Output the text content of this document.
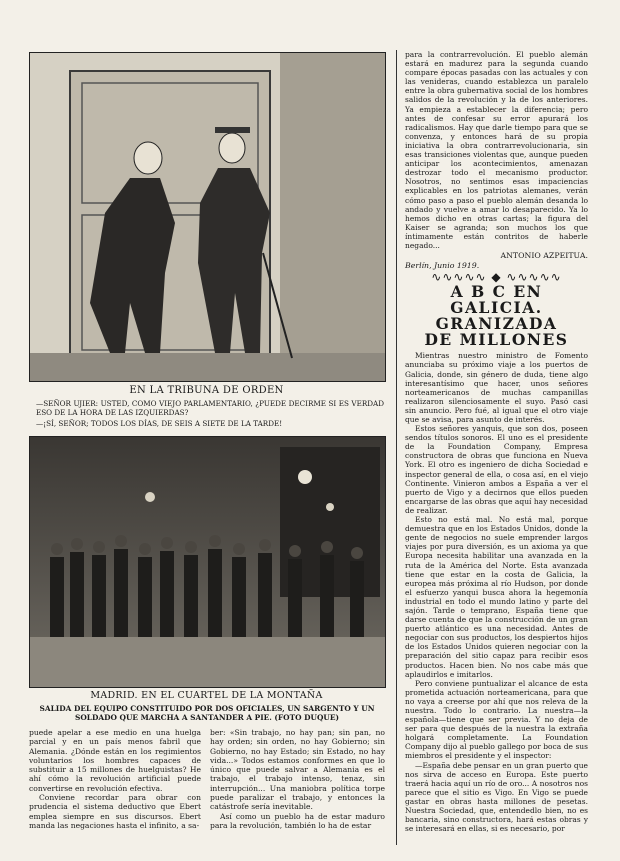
EN LA TRIBUNA DE ORDEN
—SEÑOR UJIER: USTED, COMO VIEJO PARLAMENTARIO, ¿PUEDE DECIRME SI ES VERDAD ESO DE LA HORA DE LAS IZQUIERDAS?
—¡SÍ, SEÑOR; TODOS LOS DÍAS, DE SEIS A SIETE DE LA TARDE!
MADRID. EN EL CUARTEL DE LA MONTAÑA
SALIDA DEL EQUIPO CONSTITUIDO POR DOS OFICIALES, UN SARGENTO Y UN SOLDADO QUE MARCHA A SANTANDER A PIE. (FOTO DUQUE)

puede apelar a ese medio en una huelga parcial y en un país menos fabril que Alemania. ¿Dónde están en los regimientos voluntarios los hombres capaces de substituir a 15 millones de huelguistas? He ahí cómo la revolución artificial puede convertirse en revolución efectiva.

Conviene recordar para obrar con prudencia el sistema deductivo que Ebert emplea siempre en sus discursos. Ebert manda las negaciones hasta el infinito, a sa-

ber: «Sin trabajo, no hay pan; sin pan, no hay orden; sin orden, no hay Gobierno; sin Gobierno, no hay Estado; sin Estado, no hay vida...» Todos estamos conformes en que lo único que puede salvar a Alemania es el trabajo, el trabajo intenso, tenaz, sin interrupción... Una maniobra política torpe puede paralizar el trabajo, y entonces la catástrofe sería inevitable.

Así como un pueblo ha de estar maduro para la revolución, también lo ha de estar

para la contrarrevolución. El pueblo alemán estará en madurez para la segunda cuando compare épocas pasadas con las actuales y con las venideras, cuando establezca un paralelo entre la obra gubernativa social de los hombres salidos de la revolución y la de los anteriores. Ya empieza a establecer la diferencia; pero antes de confesar su error apurará los radicalismos. Hay que darle tiempo para que se convenza, y entonces hará de su propia iniciativa la obra contrarrevolucionaria, sin esas transiciones violentas que, aunque pueden anticipar los acontecimientos, amenazan destrozar todo el mecanismo productor. Nosotros, no sentimos esas impaciencias explicables en los patriotas alemanes, verán cómo paso a paso el pueblo alemán desanda lo andado y vuelve a amar lo desaparecido. Ya lo hemos dicho en otras cartas; la figura del Kaiser se agranda; son muchos los que íntimamente están contritos de haberle negado...

ANTONIO AZPEITUA.
Berlín, Junio 1919.
∿∿∿∿∿ ◆ ∿∿∿∿∿
A B C EN GALICIA.
GRANIZADA
DE MILLONES

Mientras nuestro ministro de Fomento anunciaba su próximo viaje a los puertos de Galicia, donde, sin género de duda, tiene algo interesantísimo que hacer, unos señores norteamericanos de muchas campanillas realizaron silenciosamente el suyo. Pasó casi sin anuncio. Pero fué, al igual que el otro viaje que se avisa, para asunto de interés.

Estos señores yanquis, que son dos, poseen sendos títulos sonoros. El uno es el presidente de la Foundation Company, Empresa constructora de obras que funciona en Nueva York. El otro es ingeniero de dicha Sociedad e inspector general de ella, o cosa así, en el viejo Continente. Vinieron ambos a España a ver el puerto de Vigo y a decirnos que ellos pueden encargarse de las obras que aquí hay necesidad de realizar.

Esto no está mal. No está mal, porque demuestra que en los Estados Unidos, donde la gente de negocios no suele emprender largos viajes por pura diversión, es un axioma ya que Europa necesita habilitar una avanzada en la ruta de la América del Norte. Esta avanzada tiene que estar en la costa de Galicia, la europea más próxima al río Hudson, por donde el esfuerzo yanqui busca ahora la hegemonía industrial en todo el mundo latino y parte del sajón. Tarde o temprano, España tiene que darse cuenta de que la construcción de un gran puerto atlántico es una necesidad. Antes de negociar con sus productos, los despiertos hijos de los Estados Unidos quieren negociar con la preparación del sitio capaz para recibir esos productos. Hacen bien. No nos cabe más que aplaudirlos e imitarlos.

Pero conviene puntualizar el alcance de esta prometida actuación norteamericana, para que no vaya a creerse por ahí que nos releva de la nuestra. Todo lo contrario. La nuestra—la española—tiene que ser previa. Y no deja de ser para que después de la nuestra la extraña holgará completamente. La Foundation Company dijo al pueblo gallego por boca de sus miembros el presidente y el inspector:

—España debe pensar en un gran puerto que nos sirva de acceso en Europa. Este puerto traerá hacia aquí un río de oro... A nosotros nos parece que el sitio es Vigo. En Vigo se puede gastar en obras hasta millones de pesetas. Nuestra Sociedad, que, entendedlo bien, no es bancaria, sino constructora, hará estas obras y se interesará en ellas, si es necesario, por
